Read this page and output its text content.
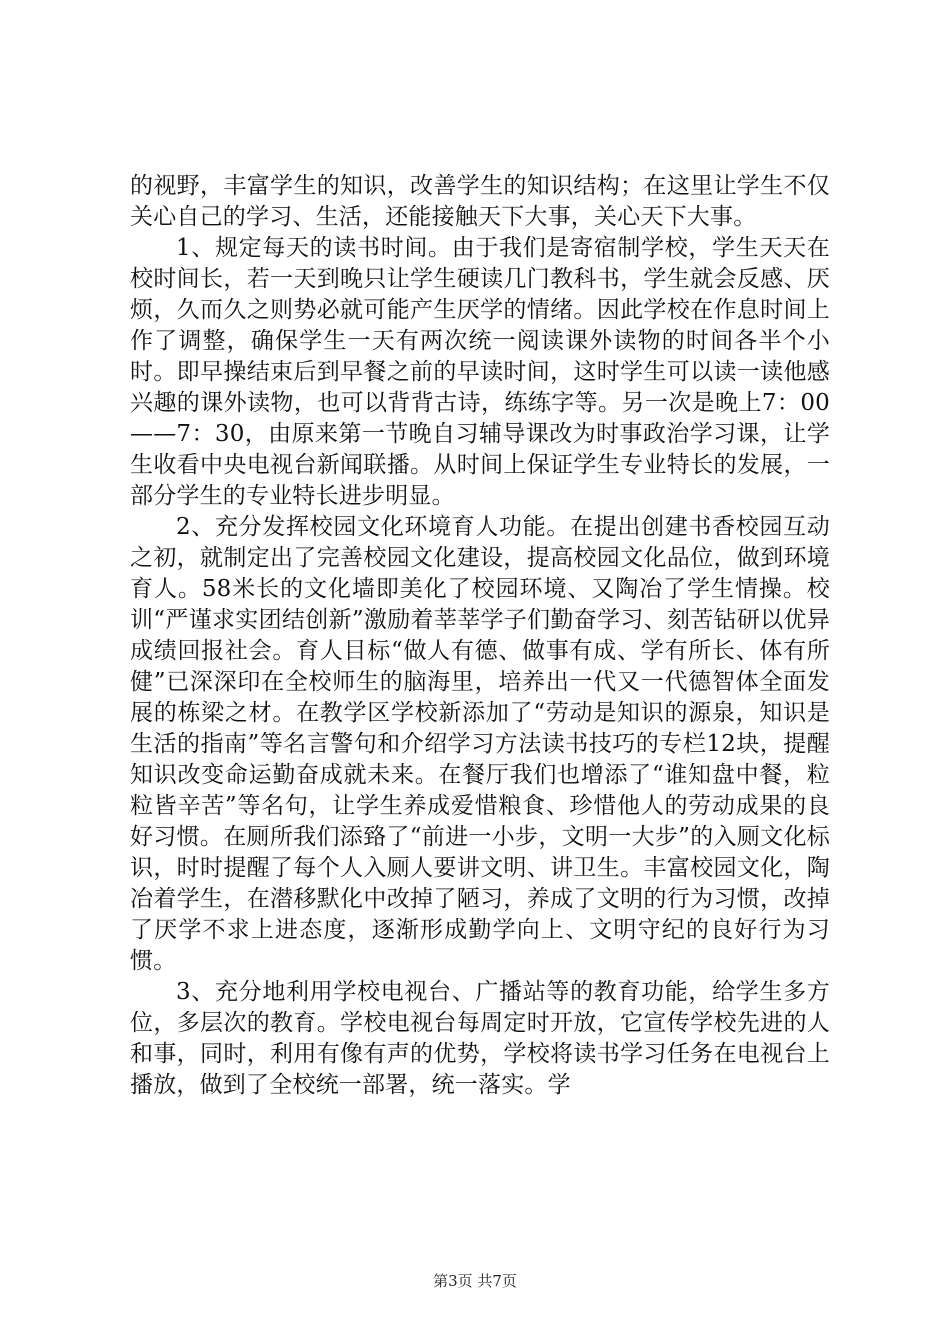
的视野，丰富学生的知识，改善学生的知识结构；在这里让学生不仅关心自己的学习、生活，还能接触天下大事，关心天下大事。

1、规定每天的读书时间。由于我们是寄宿制学校，学生天天在校时间长，若一天到晚只让学生硬读几门教科书，学生就会反感、厌烦，久而久之则势必就可能产生厌学的情绪。因此学校在作息时间上作了调整，确保学生一天有两次统一阅读课外读物的时间各半个小时。即早操结束后到早餐之前的早读时间，这时学生可以读一读他感兴趣的课外读物，也可以背背古诗，练练字等。另一次是晚上7：00——7：30，由原来第一节晚自习辅导课改为时事政治学习课，让学生收看中央电视台新闻联播。从时间上保证学生专业特长的发展，一部分学生的专业特长进步明显。

2、充分发挥校园文化环境育人功能。在提出创建书香校园互动之初，就制定出了完善校园文化建设，提高校园文化品位，做到环境育人。58米长的文化墙即美化了校园环境、又陶冶了学生情操。校训“严谨求实团结创新”激励着莘莘学子们勤奋学习、刻苦钻研以优异成绩回报社会。育人目标“做人有德、做事有成、学有所长、体有所健”已深深印在全校师生的脑海里，培养出一代又一代德智体全面发展的栋梁之材。在教学区学校新添加了“劳动是知识的源泉，知识是生活的指南”等名言警句和介绍学习方法读书技巧的专栏12块，提醒知识改变命运勤奋成就未来。在餐厅我们也增添了“谁知盘中餐，粒粒皆辛苦”等名句，让学生养成爱惜粮食、珍惜他人的劳动成果的良好习惯。在厕所我们添臵了“前进一小步，文明一大步”的入厕文化标识，时时提醒了每个人入厕人要讲文明、讲卫生。丰富校园文化，陶冶着学生，在潜移默化中改掉了陋习，养成了文明的行为习惯，改掉了厌学不求上进态度，逐渐形成勤学向上、文明守纪的良好行为习惯。

3、充分地利用学校电视台、广播站等的教育功能，给学生多方位，多层次的教育。学校电视台每周定时开放，它宣传学校先进的人和事，同时，利用有像有声的优势，学校将读书学习任务在电视台上播放，做到了全校统一部署，统一落实。学

第3页 共7页
